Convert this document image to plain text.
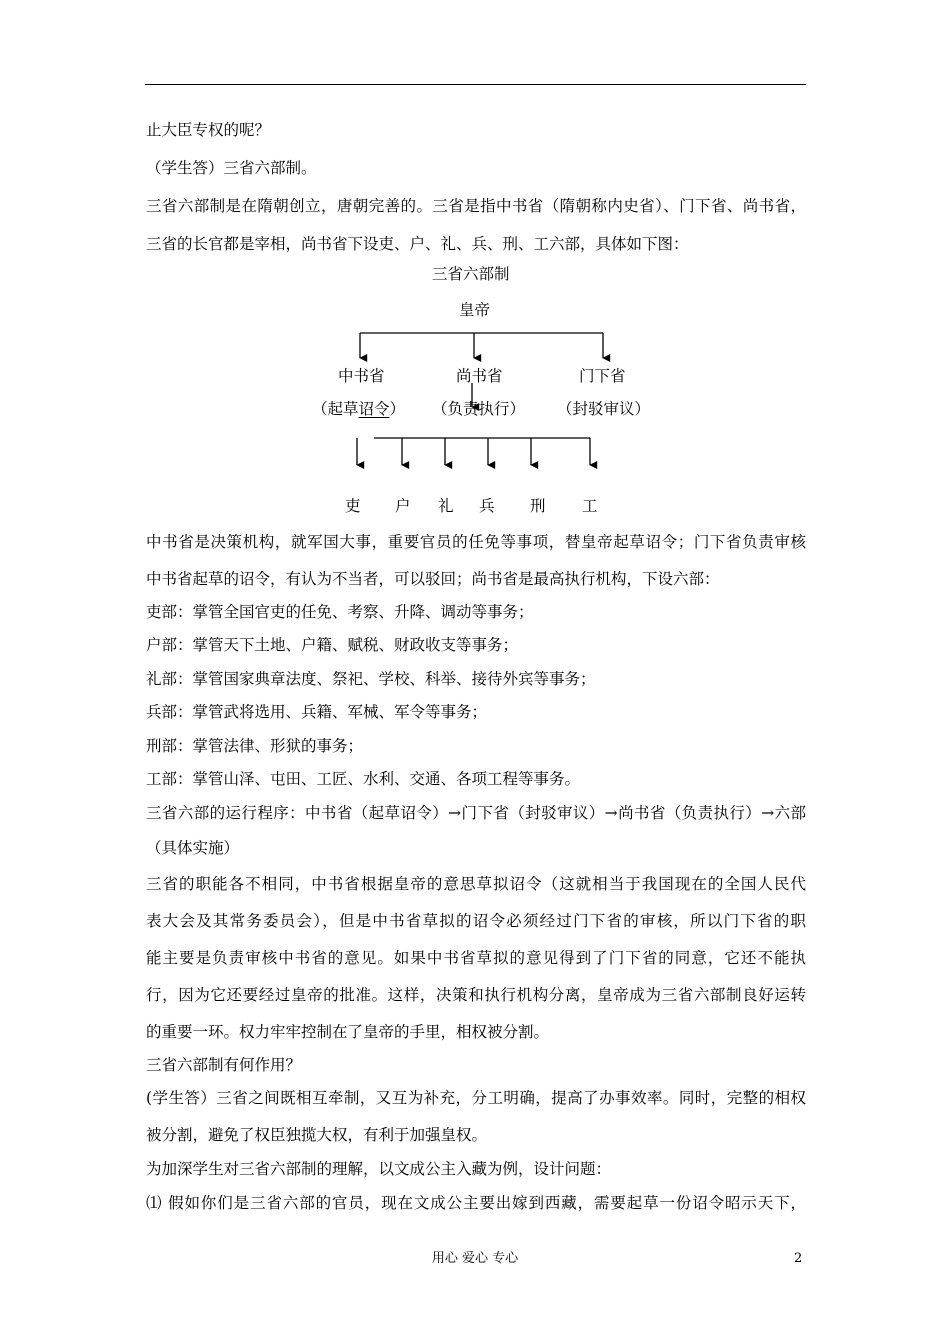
止大臣专权的呢？
（学生答）三省六部制。
三省六部制是在隋朝创立，唐朝完善的。三省是指中书省（隋朝称内史省）、门下省、尚书省，
三省的长官都是宰相，尚书省下设吏、户、礼、兵、刑、工六部，具体如下图：
三省六部制
皇帝
中书省	尚书省	门下省
（起草诏令） （负责执行） （封驳审议）
吏 户 礼 兵 刑 工
中书省是决策机构，就军国大事，重要官员的任免等事项，替皇帝起草诏令；门下省负责审核
中书省起草的诏令，有认为不当者，可以驳回；尚书省是最高执行机构，下设六部：
吏部：掌管全国官吏的任免、考察、升降、调动等事务；
户部：掌管天下土地、户籍、赋税、财政收支等事务；
礼部：掌管国家典章法度、祭祀、学校、科举、接待外宾等事务；
兵部：掌管武将选用、兵籍、军械、军令等事务；
刑部：掌管法律、形狱的事务；
工部：掌管山泽、屯田、工匠、水利、交通、各项工程等事务。
三省六部的运行程序：中书省（起草诏令）→门下省（封驳审议）→尚书省（负责执行）→六部
（具体实施）
三省的职能各不相同，中书省根据皇帝的意思草拟诏令（这就相当于我国现在的全国人民代
表大会及其常务委员会），但是中书省草拟的诏令必须经过门下省的审核，所以门下省的职
能主要是负责审核中书省的意见。如果中书省草拟的意见得到了门下省的同意，它还不能执
行，因为它还要经过皇帝的批准。这样，决策和执行机构分离，皇帝成为三省六部制良好运转
的重要一环。权力牢牢控制在了皇帝的手里，相权被分割。
三省六部制有何作用？
(学生答）三省之间既相互牵制，又互为补充，分工明确，提高了办事效率。同时，完整的相权
被分割，避免了权臣独揽大权，有利于加强皇权。
为加深学生对三省六部制的理解，以文成公主入藏为例，设计问题：
⑴ 假如你们是三省六部的官员，现在文成公主要出嫁到西藏，需要起草一份诏令昭示天下，
用心 爱心 专心	2
